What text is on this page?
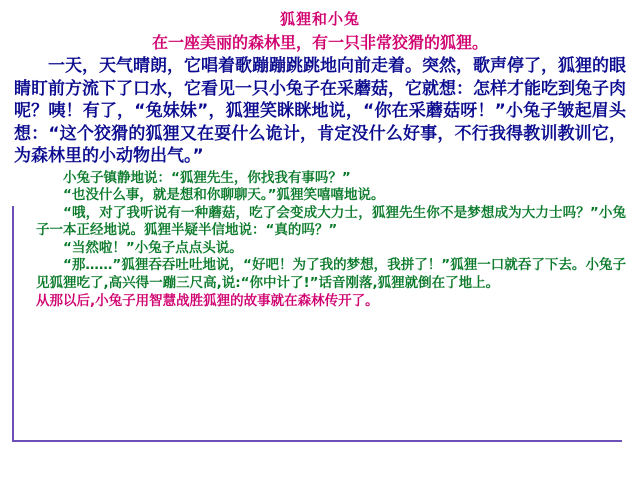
狐狸和小兔

在一座美丽的森林里，有一只非常狡猾的狐狸。

一天，天气晴朗，它唱着歌蹦蹦跳跳地向前走着。突然，歌声停了，狐狸的眼睛盯前方流下了口水，它看见一只小兔子在采蘑菇，它就想：怎样才能吃到兔子肉呢？咦！有了，“兔妹妹”，狐狸笑眯眯地说，“你在采蘑菇呀！”小兔子皱起眉头想：“这个狡猾的狐狸又在耍什么诡计，肯定没什么好事，不行我得教训教训它，为森林里的小动物出气。”

小兔子镇静地说：“狐狸先生，你找我有事吗？”
“也没什么事，就是想和你聊聊天。”狐狸笑嘻嘻地说。
“哦，对了我听说有一种蘑菇，吃了会变成大力士，狐狸先生你不是梦想成为大力士吗？”小兔子一本正经地说。狐狸半疑半信地说：“真的吗？”
“当然啦！”小兔子点点头说。
“那……”狐狸吞吞吐吐地说，“好吧！为了我的梦想，我拼了！”狐狸一口就吞了下去。小兔子见狐狸吃了,高兴得一蹦三尺高,说:“你中计了!”话音刚落,狐狸就倒在了地上。

从那以后,小兔子用智慧战胜狐狸的故事就在森林传开了。
